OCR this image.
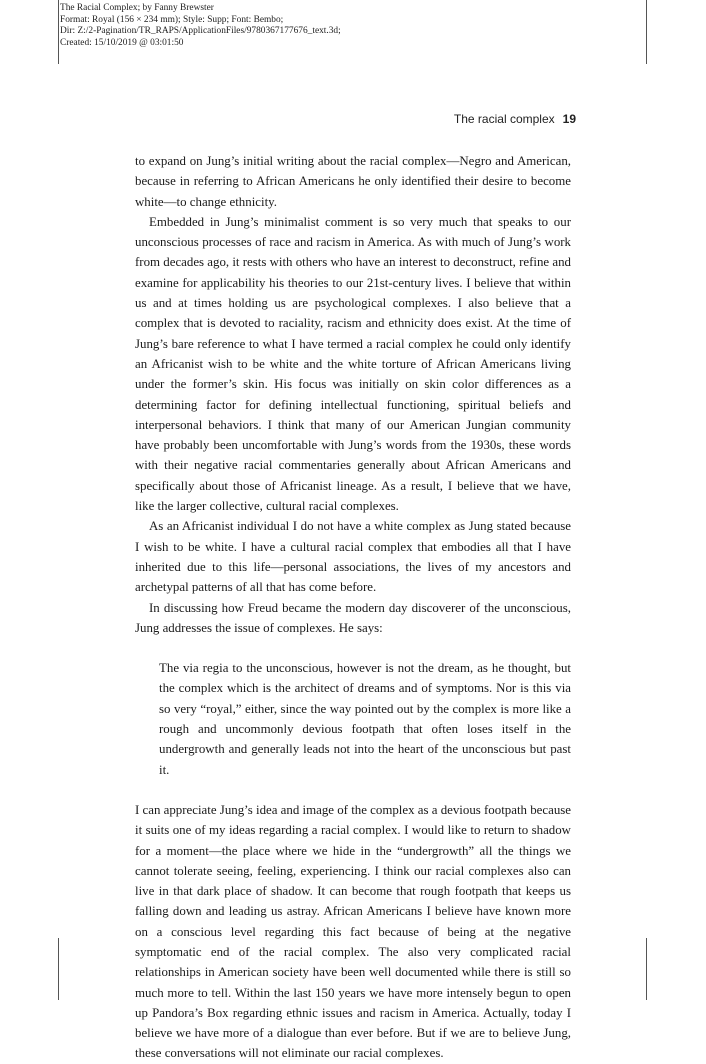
The Racial Complex; by Fanny Brewster
Format: Royal (156 × 234 mm); Style: Supp; Font: Bembo;
Dir: Z:/2-Pagination/TR_RAPS/ApplicationFiles/9780367177676_text.3d;
Created: 15/10/2019 @ 03:01:50
The racial complex 19

to expand on Jung’s initial writing about the racial complex—Negro and American, because in referring to African Americans he only identified their desire to become white—to change ethnicity.

Embedded in Jung’s minimalist comment is so very much that speaks to our unconscious processes of race and racism in America. As with much of Jung’s work from decades ago, it rests with others who have an interest to deconstruct, refine and examine for applicability his theories to our 21st-century lives. I believe that within us and at times holding us are psychological complexes. I also believe that a complex that is devoted to raciality, racism and ethnicity does exist. At the time of Jung’s bare reference to what I have termed a racial complex he could only identify an Africanist wish to be white and the white torture of African Americans living under the former’s skin. His focus was initially on skin color differences as a determining factor for defining intellectual functioning, spiritual beliefs and interpersonal behaviors. I think that many of our American Jungian community have probably been uncomfortable with Jung’s words from the 1930s, these words with their negative racial commentaries generally about African Americans and specifically about those of Africanist lineage. As a result, I believe that we have, like the larger collective, cultural racial complexes.

As an Africanist individual I do not have a white complex as Jung stated because I wish to be white. I have a cultural racial complex that embodies all that I have inherited due to this life—personal associations, the lives of my ancestors and archetypal patterns of all that has come before.

In discussing how Freud became the modern day discoverer of the unconscious, Jung addresses the issue of complexes. He says:

The via regia to the unconscious, however is not the dream, as he thought, but the complex which is the architect of dreams and of symptoms. Nor is this via so very “royal,” either, since the way pointed out by the complex is more like a rough and uncommonly devious footpath that often loses itself in the undergrowth and generally leads not into the heart of the unconscious but past it.

I can appreciate Jung’s idea and image of the complex as a devious footpath because it suits one of my ideas regarding a racial complex. I would like to return to shadow for a moment—the place where we hide in the “undergrowth” all the things we cannot tolerate seeing, feeling, experiencing. I think our racial complexes also can live in that dark place of shadow. It can become that rough footpath that keeps us falling down and leading us astray. African Americans I believe have known more on a conscious level regarding this fact because of being at the negative symptomatic end of the racial complex. The also very complicated racial relationships in American society have been well documented while there is still so much more to tell. Within the last 150 years we have more intensely begun to open up Pandora’s Box regarding ethnic issues and racism in America. Actually, today I believe we have more of a dialogue than ever before. But if we are to believe Jung, these conversations will not eliminate our racial complexes.
